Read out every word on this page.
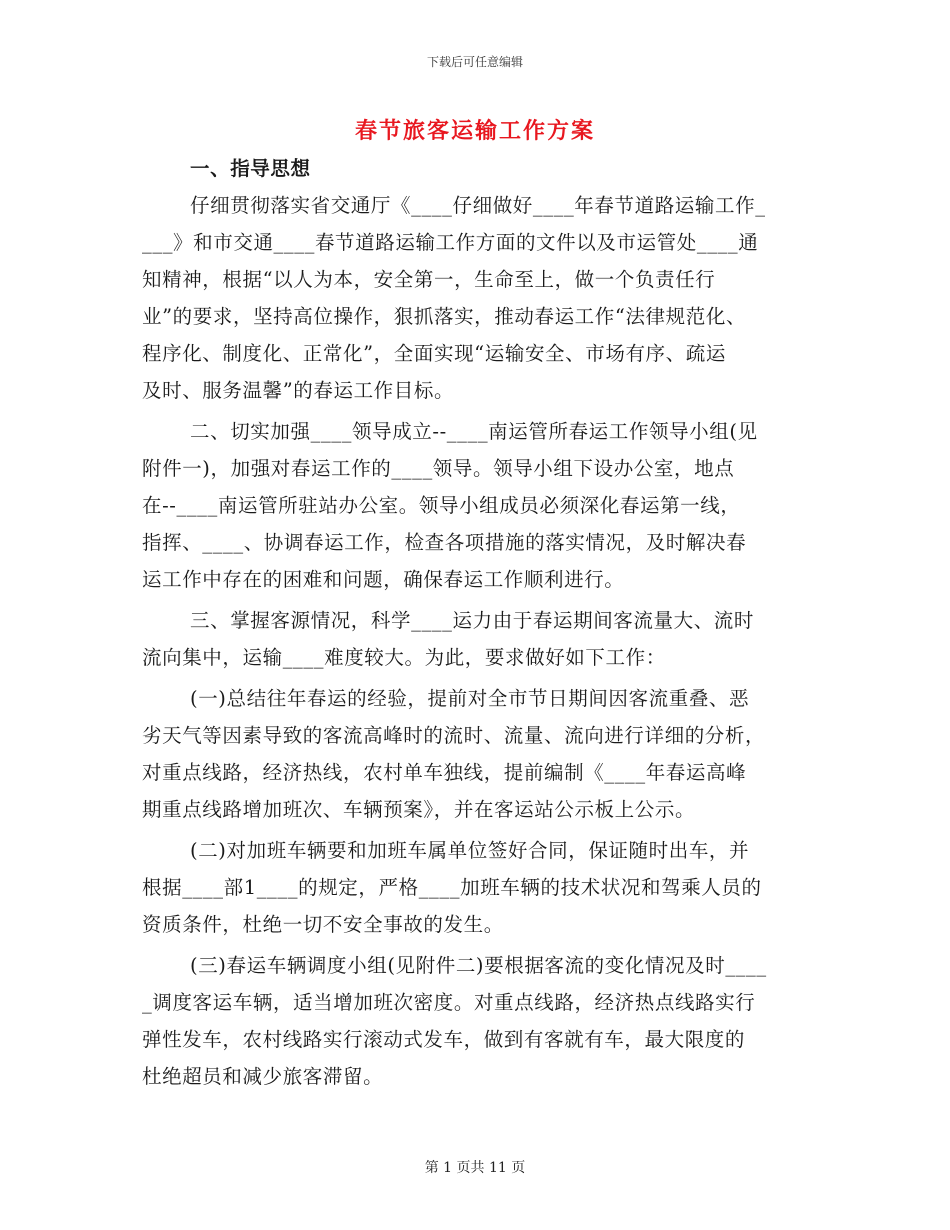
下载后可任意编辑
春节旅客运输工作方案
一、指导思想
仔细贯彻落实省交通厅《____仔细做好____年春节道路运输工作_
___》和市交通____春节道路运输工作方面的文件以及市运管处____通
知精神，根据“以人为本，安全第一，生命至上，做一个负责任行
业”的要求，坚持高位操作，狠抓落实，推动春运工作“法律规范化、
程序化、制度化、正常化”，全面实现“运输安全、市场有序、疏运
及时、服务温馨”的春运工作目标。
二、切实加强____领导成立--____南运管所春运工作领导小组(见
附件一)，加强对春运工作的____领导。领导小组下设办公室，地点
在--____南运管所驻站办公室。领导小组成员必须深化春运第一线，
指挥、____、协调春运工作，检查各项措施的落实情况，及时解决春
运工作中存在的困难和问题，确保春运工作顺利进行。
三、掌握客源情况，科学____运力由于春运期间客流量大、流时
流向集中，运输____难度较大。为此，要求做好如下工作：
(一)总结往年春运的经验，提前对全市节日期间因客流重叠、恶
劣天气等因素导致的客流高峰时的流时、流量、流向进行详细的分析，
对重点线路，经济热线，农村单车独线，提前编制《____年春运高峰
期重点线路增加班次、车辆预案》，并在客运站公示板上公示。
(二)对加班车辆要和加班车属单位签好合同，保证随时出车，并
根据____部1____的规定，严格____加班车辆的技术状况和驾乘人员的
资质条件，杜绝一切不安全事故的发生。
(三)春运车辆调度小组(见附件二)要根据客流的变化情况及时____
_调度客运车辆，适当增加班次密度。对重点线路，经济热点线路实行
弹性发车，农村线路实行滚动式发车，做到有客就有车，最大限度的
杜绝超员和减少旅客滞留。
第 1 页共 11 页
